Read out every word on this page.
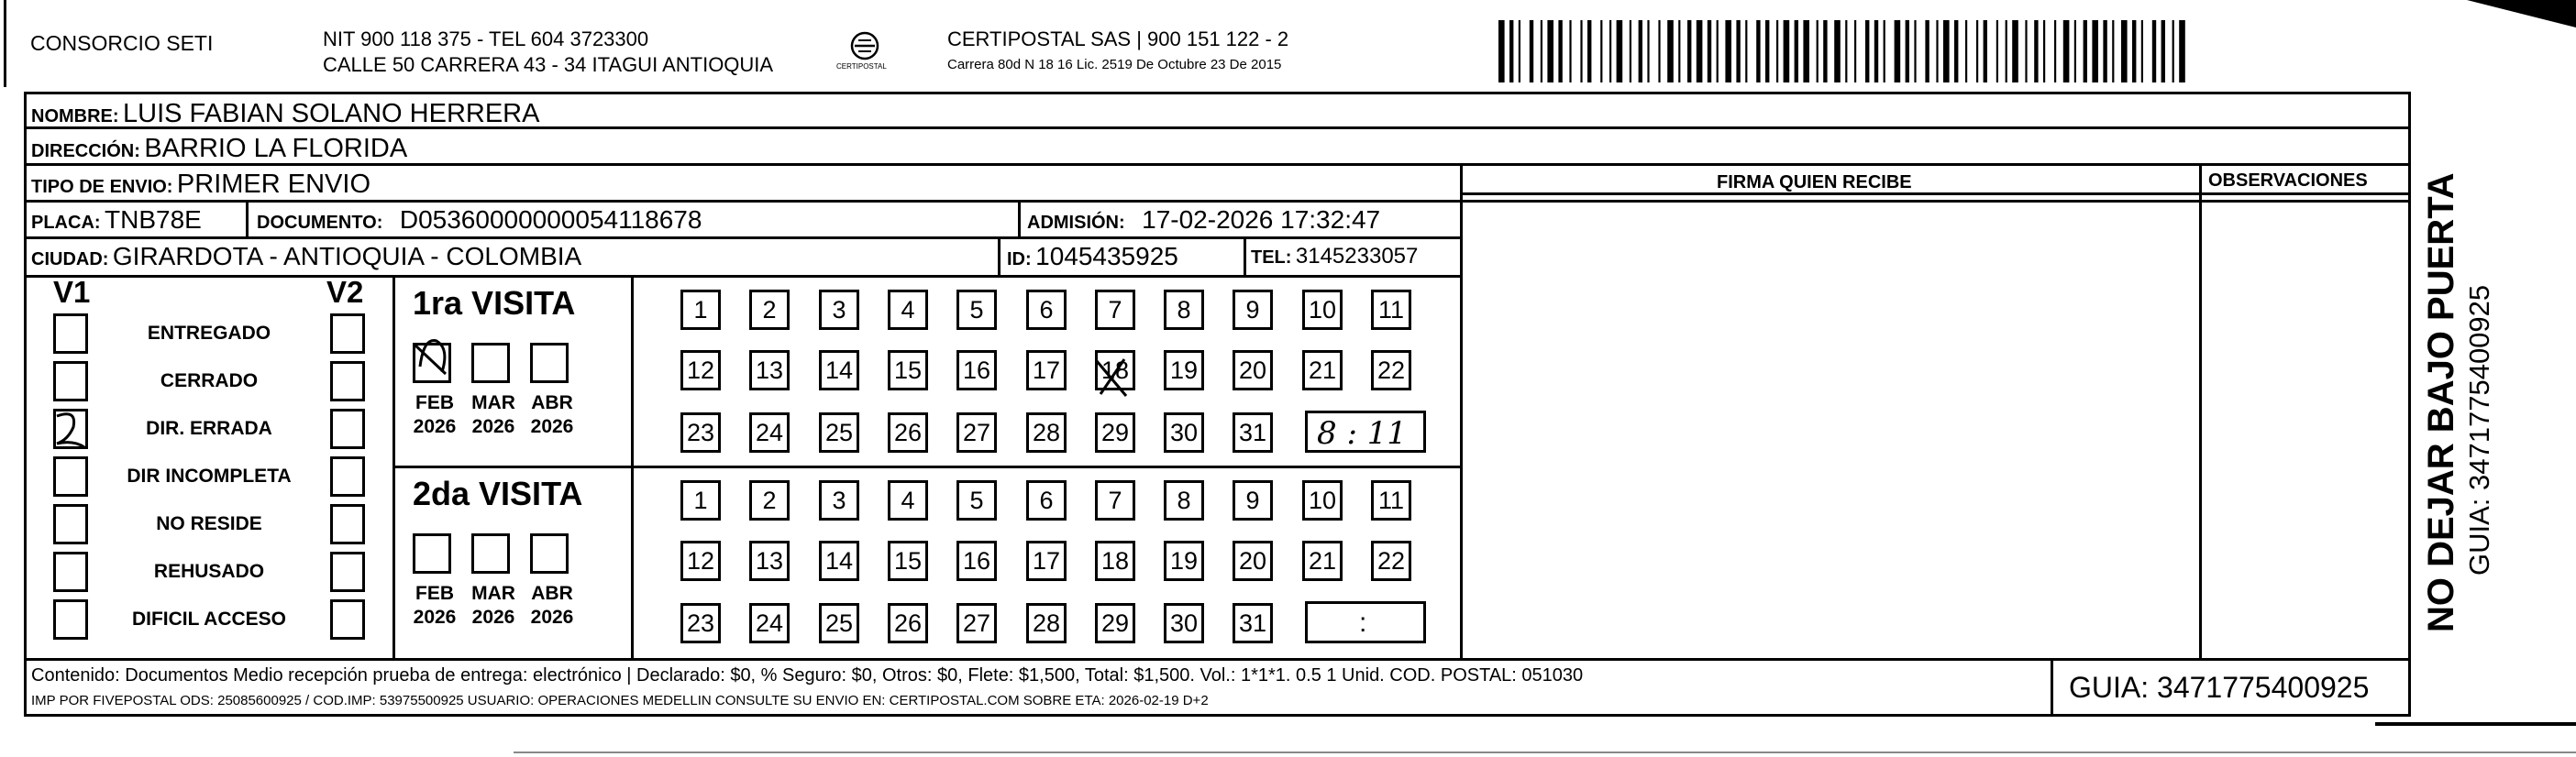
CONSORCIO SETI	NIT 900 118 375 - TEL 604 3723300
CALLE 50 CARRERA 43 - 34 ITAGUI ANTIOQUIA	CERTIPOSTAL
CERTIPOSTAL SAS | 900 151 122 - 2
Carrera 80d N 18 16 Lic. 2519 De Octubre 23 De 2015
NOMBRE: LUIS FABIAN SOLANO HERRERA
DIRECCIÓN: BARRIO LA FLORIDA
TIPO DE ENVIO: PRIMER ENVIO	FIRMA QUIEN RECIBE	OBSERVACIONES
PLACA: TNB78E	DOCUMENTO: D05360000000054118678	ADMISIÓN: 17-02-2026 17:32:47
CIUDAD: GIRARDOTA - ANTIOQUIA - COLOMBIA	ID: 1045435925	TEL: 3145233057
V1	V2
ENTREGADO
CERRADO
DIR. ERRADA
DIR INCOMPLETA
NO RESIDE
REHUSADO
DIFICIL ACCESO
1ra VISITA
2da VISITA
FEB
2026
MAR
2026
ABR
2026
1	2	3	4	5	6	7	8	9	10 11
12 13 14 15 16 17 18 19 20 21 22
23 24 25 26 27 28 29 30 31
FEB
2026
MAR
2026
ABR
2026
1	2	3	4	5	6	7	8	9	10 11
12 13 14 15 16 17 18 19 20 21 22
23 24 25 26 27 28 29 30 31
8 : 11
:	NO DEJAR BAJO PUERTA GUIA: 3471775400925
Contenido: Documentos Medio recepción prueba de entrega: electrónico | Declarado: $0, % Seguro: $0, Otros: $0, Flete: $1,500, Total: $1,500. Vol.: 1*1*1. 0.5 1 Unid. COD. POSTAL: 051030
IMP POR FIVEPOSTAL ODS: 25085600925 / COD.IMP: 53975500925 USUARIO: OPERACIONES MEDELLIN CONSULTE SU ENVIO EN: CERTIPOSTAL.COM SOBRE ETA: 2026-02-19 D+2	GUIA: 3471775400925
